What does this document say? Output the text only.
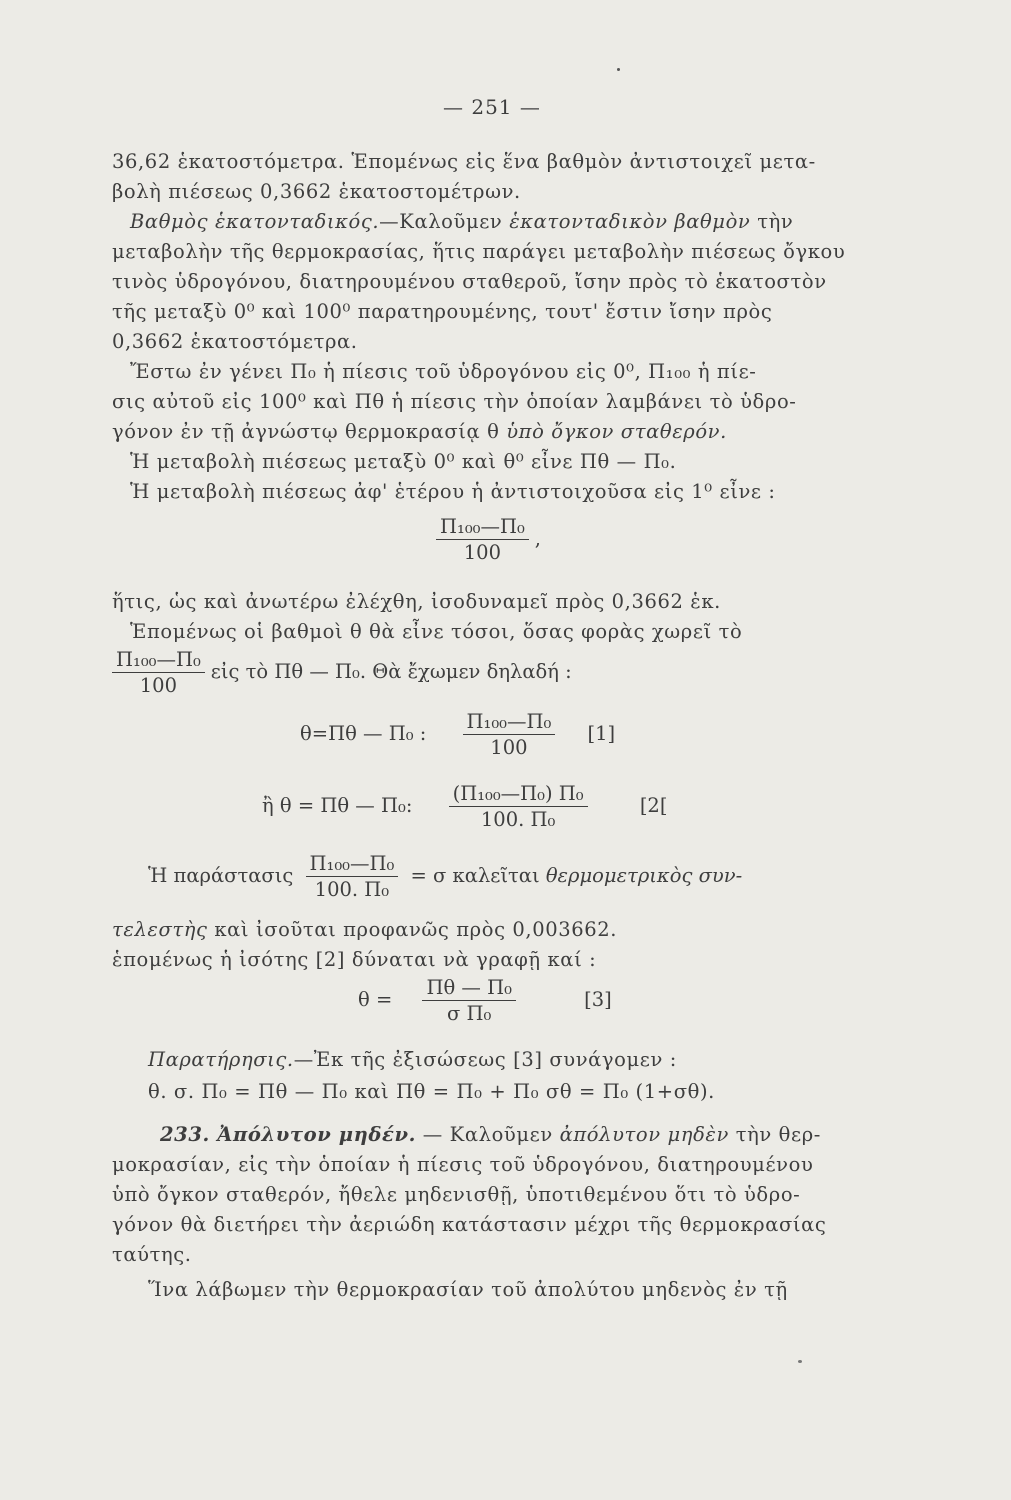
— 251 —
36,62 ἑκατοστόμετρα. Ἑπομένως εἰς ἕνα βαθμὸν ἀντιστοιχεῖ μετα-
βολὴ πιέσεως 0,3662 ἑκατοστομέτρων.
Βαθμὸς ἑκατονταδικός.—Καλοῦμεν ἑκατονταδικὸν βαθμὸν τὴν
μεταβολὴν τῆς θερμοκρασίας, ἥτις παράγει μεταβολὴν πιέσεως ὄγκου
τινὸς ὑδρογόνου, διατηρουμένου σταθεροῦ, ἴσην πρὸς τὸ ἑκατοστὸν
τῆς μεταξὺ 0⁰ καὶ 100⁰ παρατηρουμένης, τουτ' ἔστιν ἴσην πρὸς
0,3662 ἑκατοστόμετρα.
Ἔστω ἐν γένει Π₀ ἡ πίεσις τοῦ ὑδρογόνου εἰς 0⁰, Π₁₀₀ ἡ πίε-
σις αὐτοῦ εἰς 100⁰ καὶ Πθ ἡ πίεσις τὴν ὁποίαν λαμβάνει τὸ ὑδρο-
γόνον ἐν τῇ ἀγνώστῳ θερμοκρασίᾳ θ ὑπὸ ὄγκον σταθερόν.
Ἡ μεταβολὴ πιέσεως μεταξὺ 0⁰ καὶ θ⁰ εἶνε Πθ — Π₀.
Ἡ μεταβολὴ πιέσεως ἀφ' ἑτέρου ἡ ἀντιστοιχοῦσα εἰς 1⁰ εἶνε :
$\frac{\text{Π₁₀₀—Π₀}}{100}$ ,
ἥτις, ὡς καὶ ἀνωτέρω ἐλέχθη, ἰσοδυναμεῖ πρὸς 0,3662 ἑκ.
Ἑπομένως οἱ βαθμοὶ θ θὰ εἶνε τόσοι, ὅσας φορὰς χωρεῖ τὸ
$\frac{\text{Π₁₀₀—Π₀}}{100}$ εἰς τὸ Πθ — Π₀. Θὰ ἔχωμεν δηλαδή :
θ=Πθ — Π₀ : $\frac{\text{Π₁₀₀—Π₀}}{100} [1]$
ἢ θ = Πθ — Π₀: $\frac{\text{(Π₁₀₀—Π₀) Π₀}}{\text{100. Π₀}}$	[2[
Ἡ παράστασις $\frac{\text{Π₁₀₀—Π₀}}{\text{100. Π₀}} = \sigma$ καλεῖται θερμομετρικὸς συν-
τελεστὴς καὶ ἰσοῦται προφανῶς πρὸς 0,003662.
ἑπομένως ἡ ἰσότης [2] δύναται νὰ γραφῇ καί :
$\theta = \frac{\text{Πθ — Π₀}}{\text{σ Π₀}}$	[3]
Παρατήρησις.—Ἐκ τῆς ἐξισώσεως [3] συνάγομεν :
θ. σ. Π₀ = Πθ — Π₀ καὶ Πθ = Π₀ + Π₀ σθ = Π₀ (1+σθ).
233. Ἀπόλυτον μηδέν. — Καλοῦμεν ἀπόλυτον μηδὲν τὴν θερ-
μοκρασίαν, εἰς τὴν ὁποίαν ἡ πίεσις τοῦ ὑδρογόνου, διατηρουμένου
ὑπὸ ὄγκον σταθερόν, ἤθελε μηδενισθῇ, ὑποτιθεμένου ὅτι τὸ ὑδρο-
γόνον θὰ διετήρει τὴν ἀεριώδη κατάστασιν μέχρι τῆς θερμοκρασίας
ταύτης.
Ἵνα λάβωμεν τὴν θερμοκρασίαν τοῦ ἀπολύτου μηδενὸς ἐν τῇ
